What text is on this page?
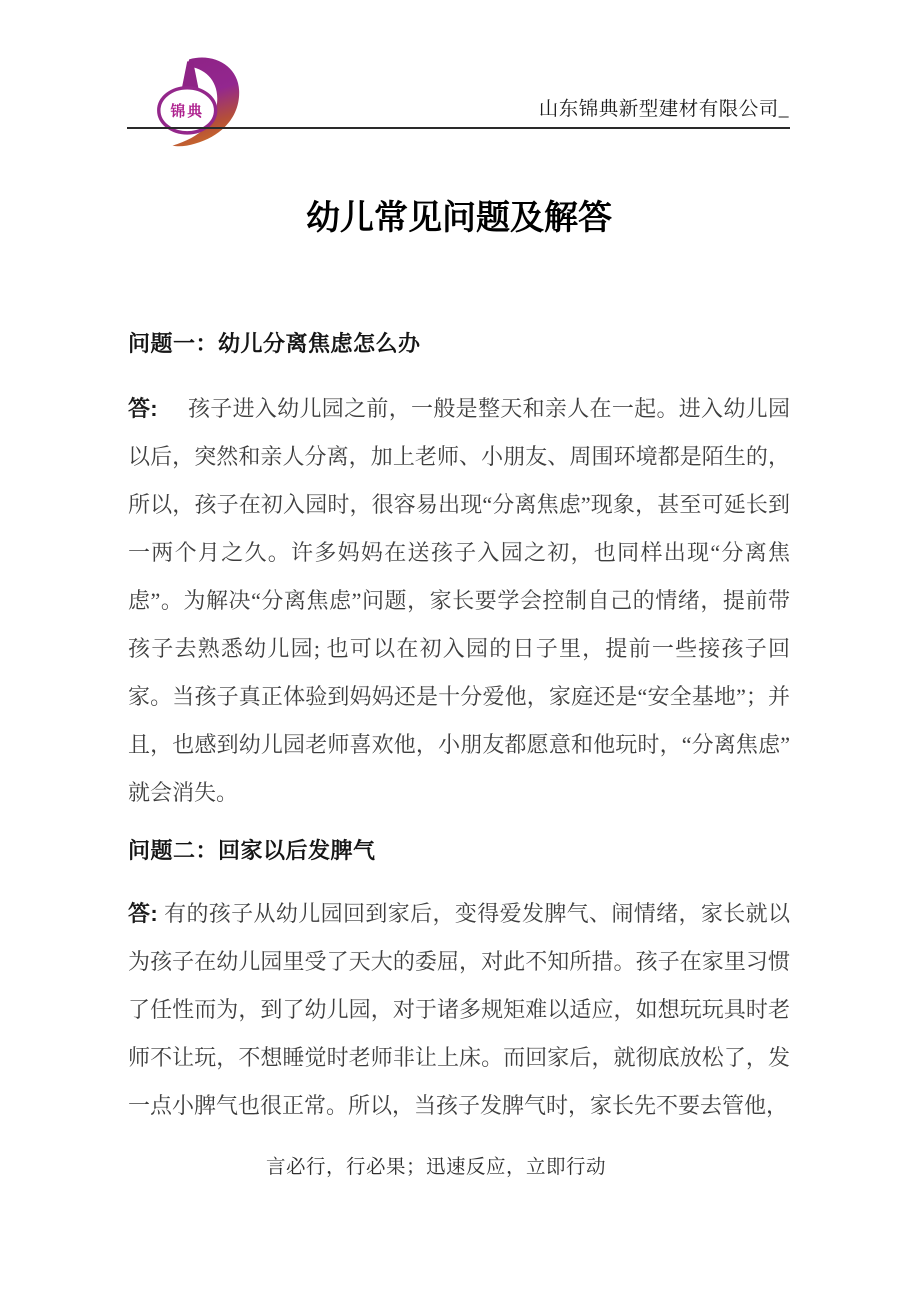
锦典	山东锦典新型建材有限公司_
幼儿常见问题及解答
问题一：幼儿分离焦虑怎么办

答: 孩子进入幼儿园之前，一般是整天和亲人在一起。进入幼儿园以后，突然和亲人分离，加上老师、小朋友、周围环境都是陌生的，所以，孩子在初入园时，很容易出现“分离焦虑”现象，甚至可延长到一两个月之久。许多妈妈在送孩子入园之初，也同样出现“分离焦虑”。为解决“分离焦虑”问题，家长要学会控制自己的情绪，提前带孩子去熟悉幼儿园; 也可以在初入园的日子里，提前一些接孩子回家。当孩子真正体验到妈妈还是十分爱他，家庭还是“安全基地”；并且，也感到幼儿园老师喜欢他，小朋友都愿意和他玩时，“分离焦虑”就会消失。

问题二：回家以后发脾气

答: 有的孩子从幼儿园回到家后，变得爱发脾气、闹情绪，家长就以为孩子在幼儿园里受了天大的委屈，对此不知所措。孩子在家里习惯了任性而为，到了幼儿园，对于诸多规矩难以适应，如想玩玩具时老师不让玩，不想睡觉时老师非让上床。而回家后，就彻底放松了，发一点小脾气也很正常。所以，当孩子发脾气时，家长先不要去管他，

言必行，行必果；迅速反应，立即行动
